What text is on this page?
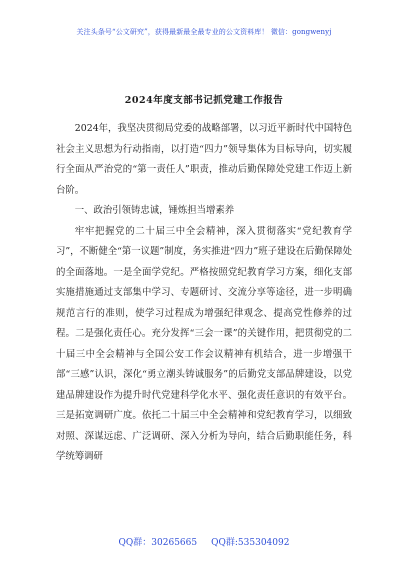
关注头条号“公文研究”，获得最新最全最专业的公文资料库！ 微信：gongwenyj
2024年度支部书记抓党建工作报告

2024年，我坚决贯彻局党委的战略部署，以习近平新时代中国特色社会主义思想为行动指南，以打造“四力”领导集体为目标导向，切实履行全面从严治党的“第一责任人”职责，推动后勤保障处党建工作迈上新台阶。

一、政治引领铸忠诚，锤炼担当增素养

牢牢把握党的二十届三中全会精神，深入贯彻落实“党纪教育学习”，不断健全“第一议题”制度，务实推进“四力”班子建设在后勤保障处的全面落地。一是全面学党纪。严格按照党纪教育学习方案，细化支部实施措施通过支部集中学习、专题研讨、交流分享等途径，进一步明确规范言行的准则，使学习过程成为增强纪律观念、提高党性修养的过程。二是强化责任心。充分发挥“三会一课”的关键作用，把贯彻党的二十届三中全会精神与全国公安工作会议精神有机结合，进一步增强干部“三感”认识，深化“勇立潮头铸诚服务”的后勤党支部品牌建设，以党建品牌建设作为提升时代党建科学化水平、强化责任意识的有效平台。三是拓宽调研广度。依托二十届三中全会精神和党纪教育学习，以细致对照、深谋远虑、广泛调研、深入分析为导向，结合后勤职能任务，科学统筹调研

QQ群：30265665 QQ群:535304092
